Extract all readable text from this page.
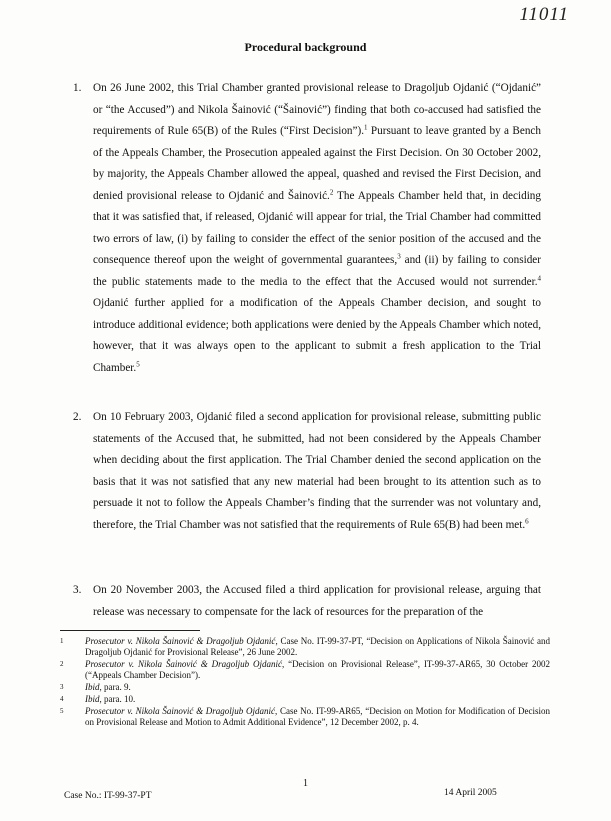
11011
Procedural background
1. On 26 June 2002, this Trial Chamber granted provisional release to Dragoljub Ojdanić (“Ojdanić” or “the Accused”) and Nikola Šainović (“Šainović”) finding that both co-accused had satisfied the requirements of Rule 65(B) of the Rules (“First Decision”).$^1$ Pursuant to leave granted by a Bench of the Appeals Chamber, the Prosecution appealed against the First Decision. On 30 October 2002, by majority, the Appeals Chamber allowed the appeal, quashed and revised the First Decision, and denied provisional release to Ojdanić and Šainović.$^2$ The Appeals Chamber held that, in deciding that it was satisfied that, if released, Ojdanić will appear for trial, the Trial Chamber had committed two errors of law, (i) by failing to consider the effect of the senior position of the accused and the consequence thereof upon the weight of governmental guarantees,$^3$ and (ii) by failing to consider the public statements made to the media to the effect that the Accused would not surrender.$^4$ Ojdanić further applied for a modification of the Appeals Chamber decision, and sought to introduce additional evidence; both applications were denied by the Appeals Chamber which noted, however, that it was always open to the applicant to submit a fresh application to the Trial Chamber.$^5$

2. On 10 February 2003, Ojdanić filed a second application for provisional release, submitting public statements of the Accused that, he submitted, had not been considered by the Appeals Chamber when deciding about the first application. The Trial Chamber denied the second application on the basis that it was not satisfied that any new material had been brought to its attention such as to persuade it not to follow the Appeals Chamber’s finding that the surrender was not voluntary and, therefore, the Trial Chamber was not satisfied that the requirements of Rule 65(B) had been met.$^6$

3. On 20 November 2003, the Accused filed a third application for provisional release, arguing that release was necessary to compensate for the lack of resources for the preparation of the

1 Prosecutor v. Nikola Šainović & Dragoljub Ojdanić, Case No. IT-99-37-PT, “Decision on Applications of Nikola Šainović and Dragoljub Ojdanić for Provisional Release”, 26 June 2002.
2 Prosecutor v. Nikola Šainović & Dragoljub Ojdanić, “Decision on Provisional Release”, IT-99-37-AR65, 30 October 2002 (“Appeals Chamber Decision”).
3 Ibid, para. 9.
4 Ibid, para. 10.
5 Prosecutor v. Nikola Šainović & Dragoljub Ojdanić, Case No. IT-99-AR65, “Decision on Motion for Modification of Decision on Provisional Release and Motion to Admit Additional Evidence”, 12 December 2002, p. 4.
1
Case No.: IT-99-37-PT	14 April 2005
